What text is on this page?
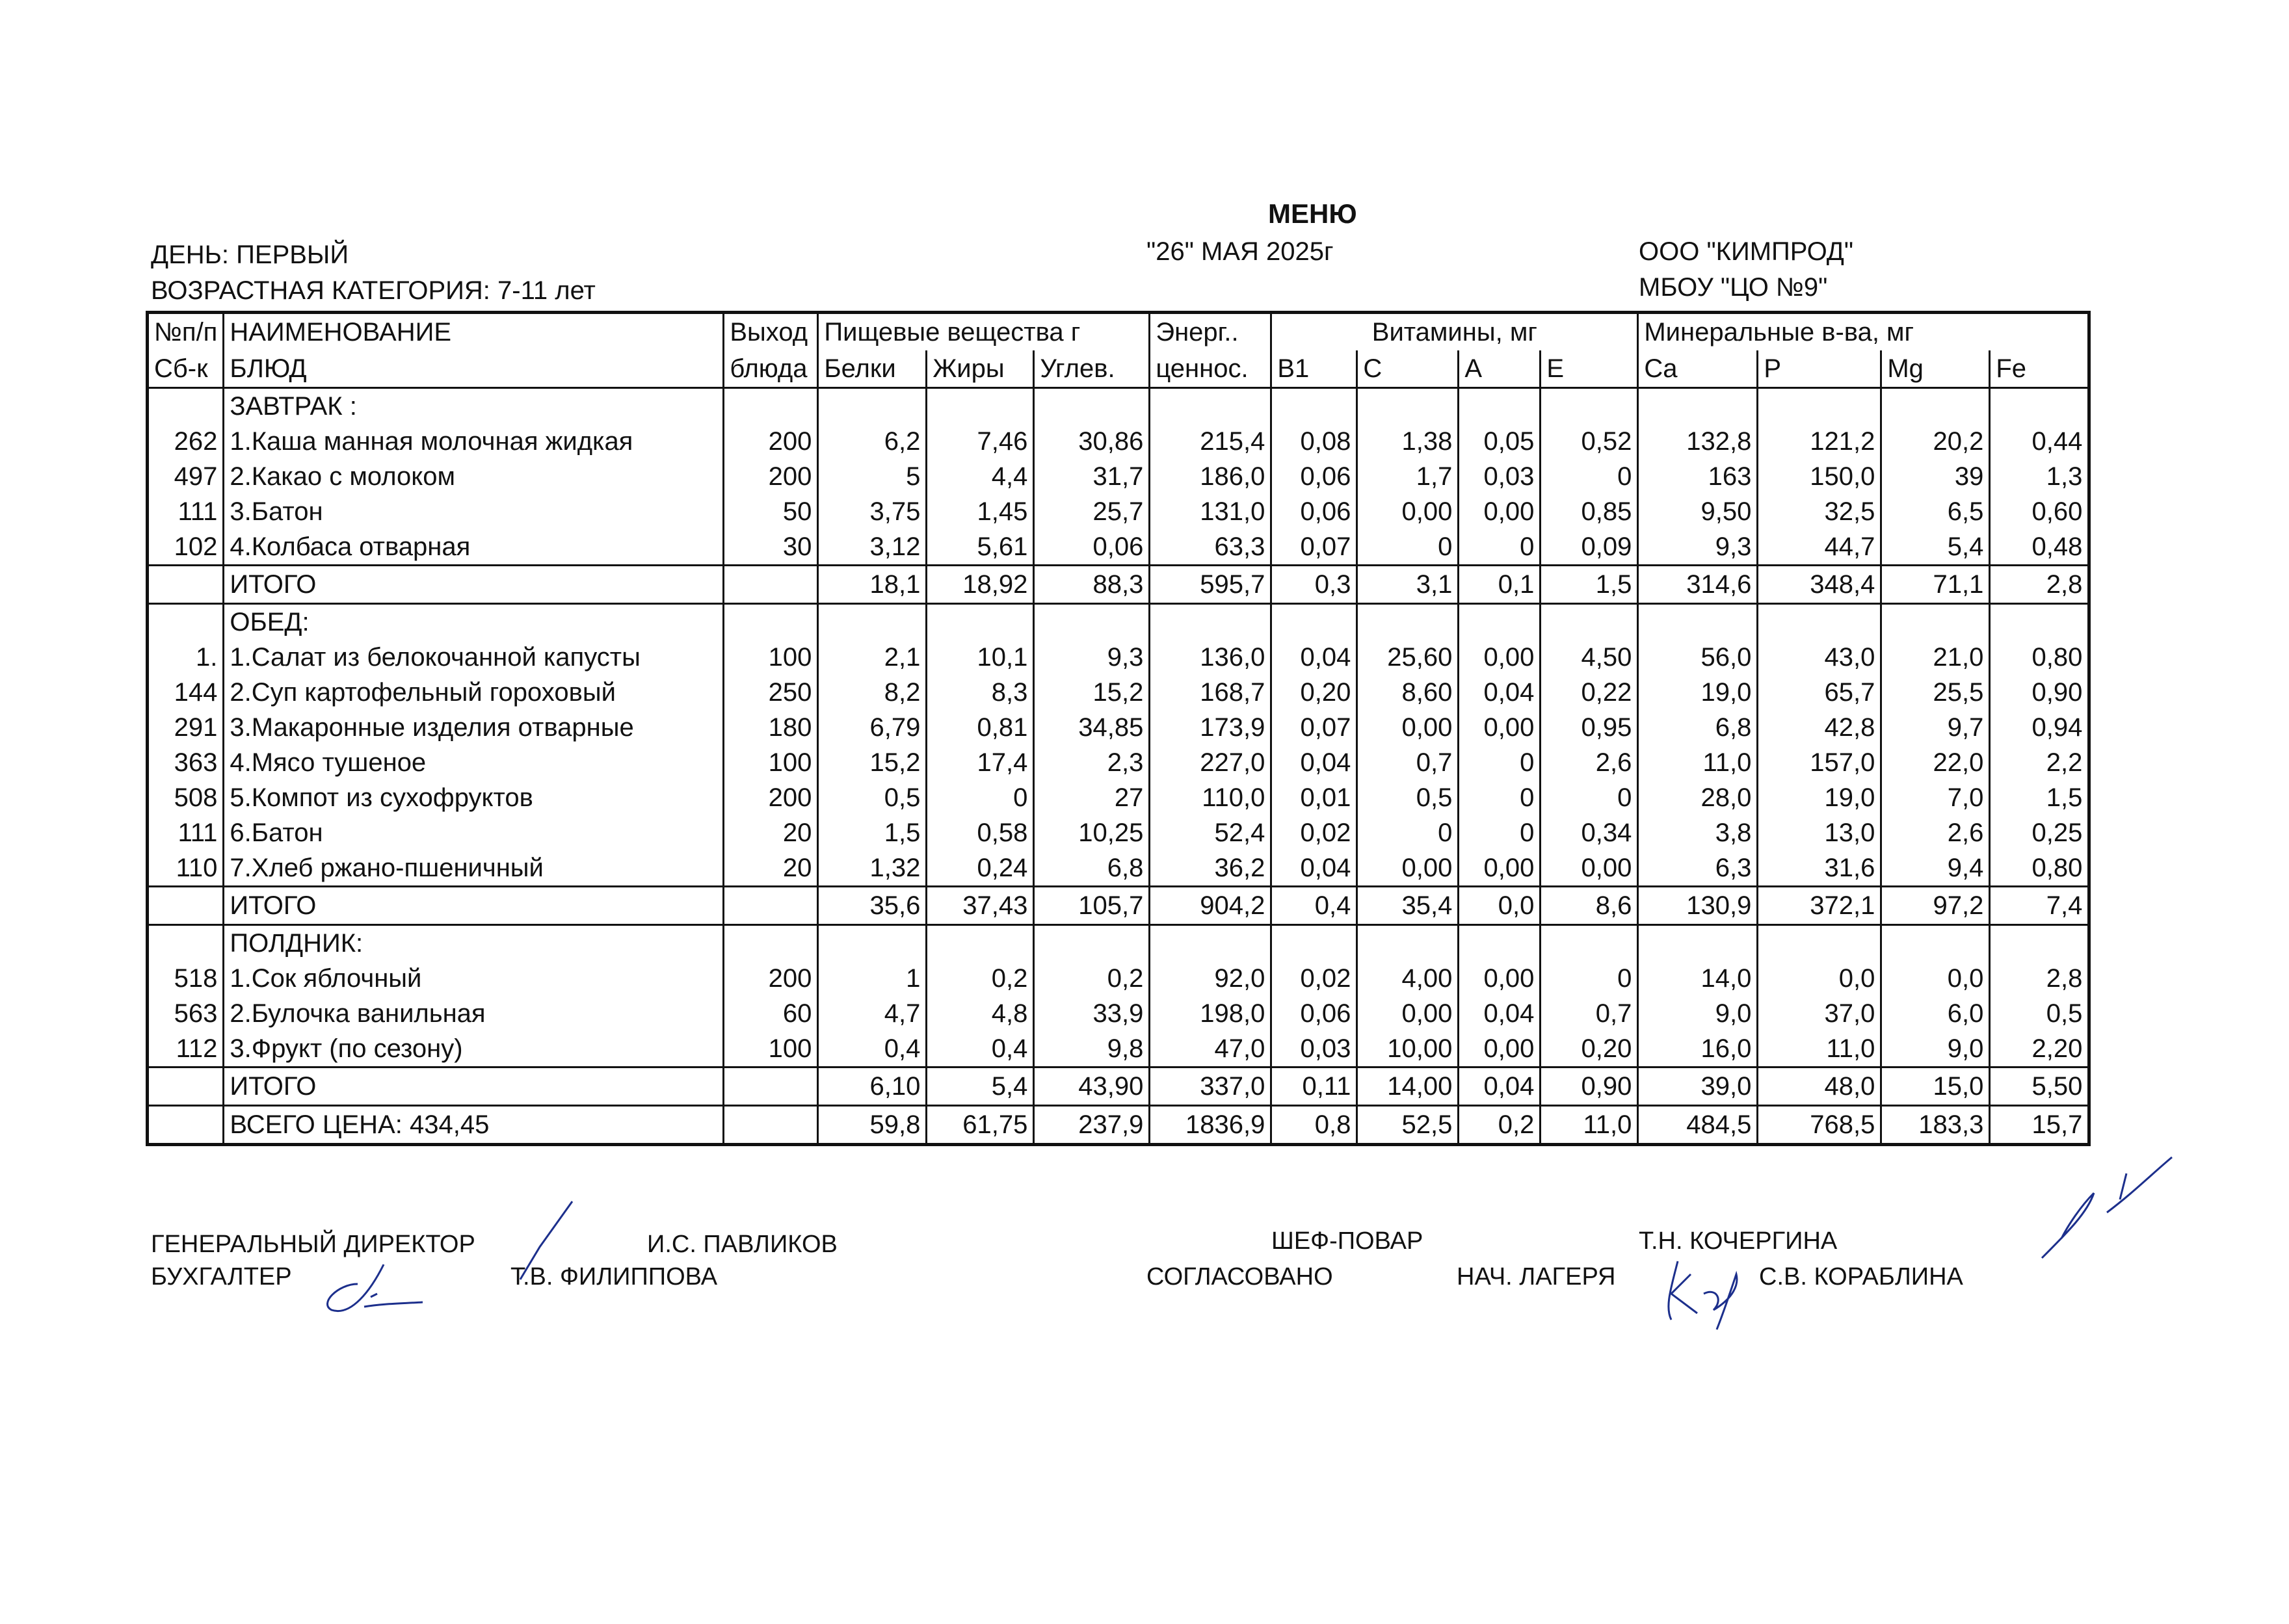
МЕНЮ
ДЕНЬ: ПЕРВЫЙ	"26" МАЯ 2025г	ООО "КИМПРОД"
ВОЗРАСТНАЯ КАТЕГОРИЯ: 7-11 лет	МБОУ "ЦО №9"
№п/п	НАИМЕНОВАНИЕ	Выход	Пищевые вещества г			Энерг..	Витамины, мг				Минеральные в-ва, мг			
Сб-к	БЛЮД	блюда	Белки	Жиры	Углев.	ценнос.	В1	С	А	Е	Ca	P	Mg	Fe
	ЗАВТРАК :													
262	1.Каша манная молочная жидкая	200	6,2	7,46	30,86	215,4	0,08	1,38	0,05	0,52	132,8	121,2	20,2	0,44
497	2.Какао с молоком	200	5	4,4	31,7	186,0	0,06	1,7	0,03	0	163	150,0	39	1,3
111	3.Батон	50	3,75	1,45	25,7	131,0	0,06	0,00	0,00	0,85	9,50	32,5	6,5	0,60
102	4.Колбаса отварная	30	3,12	5,61	0,06	63,3	0,07	0	0	0,09	9,3	44,7	5,4	0,48
	ИТОГО		18,1	18,92	88,3	595,7	0,3	3,1	0,1	1,5	314,6	348,4	71,1	2,8
	ОБЕД:													
1.	1.Салат из белокочанной капусты	100	2,1	10,1	9,3	136,0	0,04	25,60	0,00	4,50	56,0	43,0	21,0	0,80
144	2.Суп картофельный гороховый	250	8,2	8,3	15,2	168,7	0,20	8,60	0,04	0,22	19,0	65,7	25,5	0,90
291	3.Макаронные изделия отварные	180	6,79	0,81	34,85	173,9	0,07	0,00	0,00	0,95	6,8	42,8	9,7	0,94
363	4.Мясо тушеное	100	15,2	17,4	2,3	227,0	0,04	0,7	0	2,6	11,0	157,0	22,0	2,2
508	5.Компот из сухофруктов	200	0,5	0	27	110,0	0,01	0,5	0	0	28,0	19,0	7,0	1,5
111	6.Батон	20	1,5	0,58	10,25	52,4	0,02	0	0	0,34	3,8	13,0	2,6	0,25
110	7.Хлеб ржано-пшеничный	20	1,32	0,24	6,8	36,2	0,04	0,00	0,00	0,00	6,3	31,6	9,4	0,80
	ИТОГО		35,6	37,43	105,7	904,2	0,4	35,4	0,0	8,6	130,9	372,1	97,2	7,4
	ПОЛДНИК:													
518	1.Сок яблочный	200	1	0,2	0,2	92,0	0,02	4,00	0,00	0	14,0	0,0	0,0	2,8
563	2.Булочка ванильная	60	4,7	4,8	33,9	198,0	0,06	0,00	0,04	0,7	9,0	37,0	6,0	0,5
112	3.Фрукт (по сезону)	100	0,4	0,4	9,8	47,0	0,03	10,00	0,00	0,20	16,0	11,0	9,0	2,20
	ИТОГО		6,10	5,4	43,90	337,0	0,11	14,00	0,04	0,90	39,0	48,0	15,0	5,50
	ВСЕГО ЦЕНА: 434,45		59,8	61,75	237,9	1836,9	0,8	52,5	0,2	11,0	484,5	768,5	183,3	15,7
ГЕНЕРАЛЬНЫЙ ДИРЕКТОР	И.С. ПАВЛИКОВ
БУХГАЛТЕР	Т.В. ФИЛИППОВА
ШЕФ-ПОВАР	Т.Н. КОЧЕРГИНА
СОГЛАСОВАНО	НАЧ. ЛАГЕРЯ	С.В. КОРАБЛИНА
